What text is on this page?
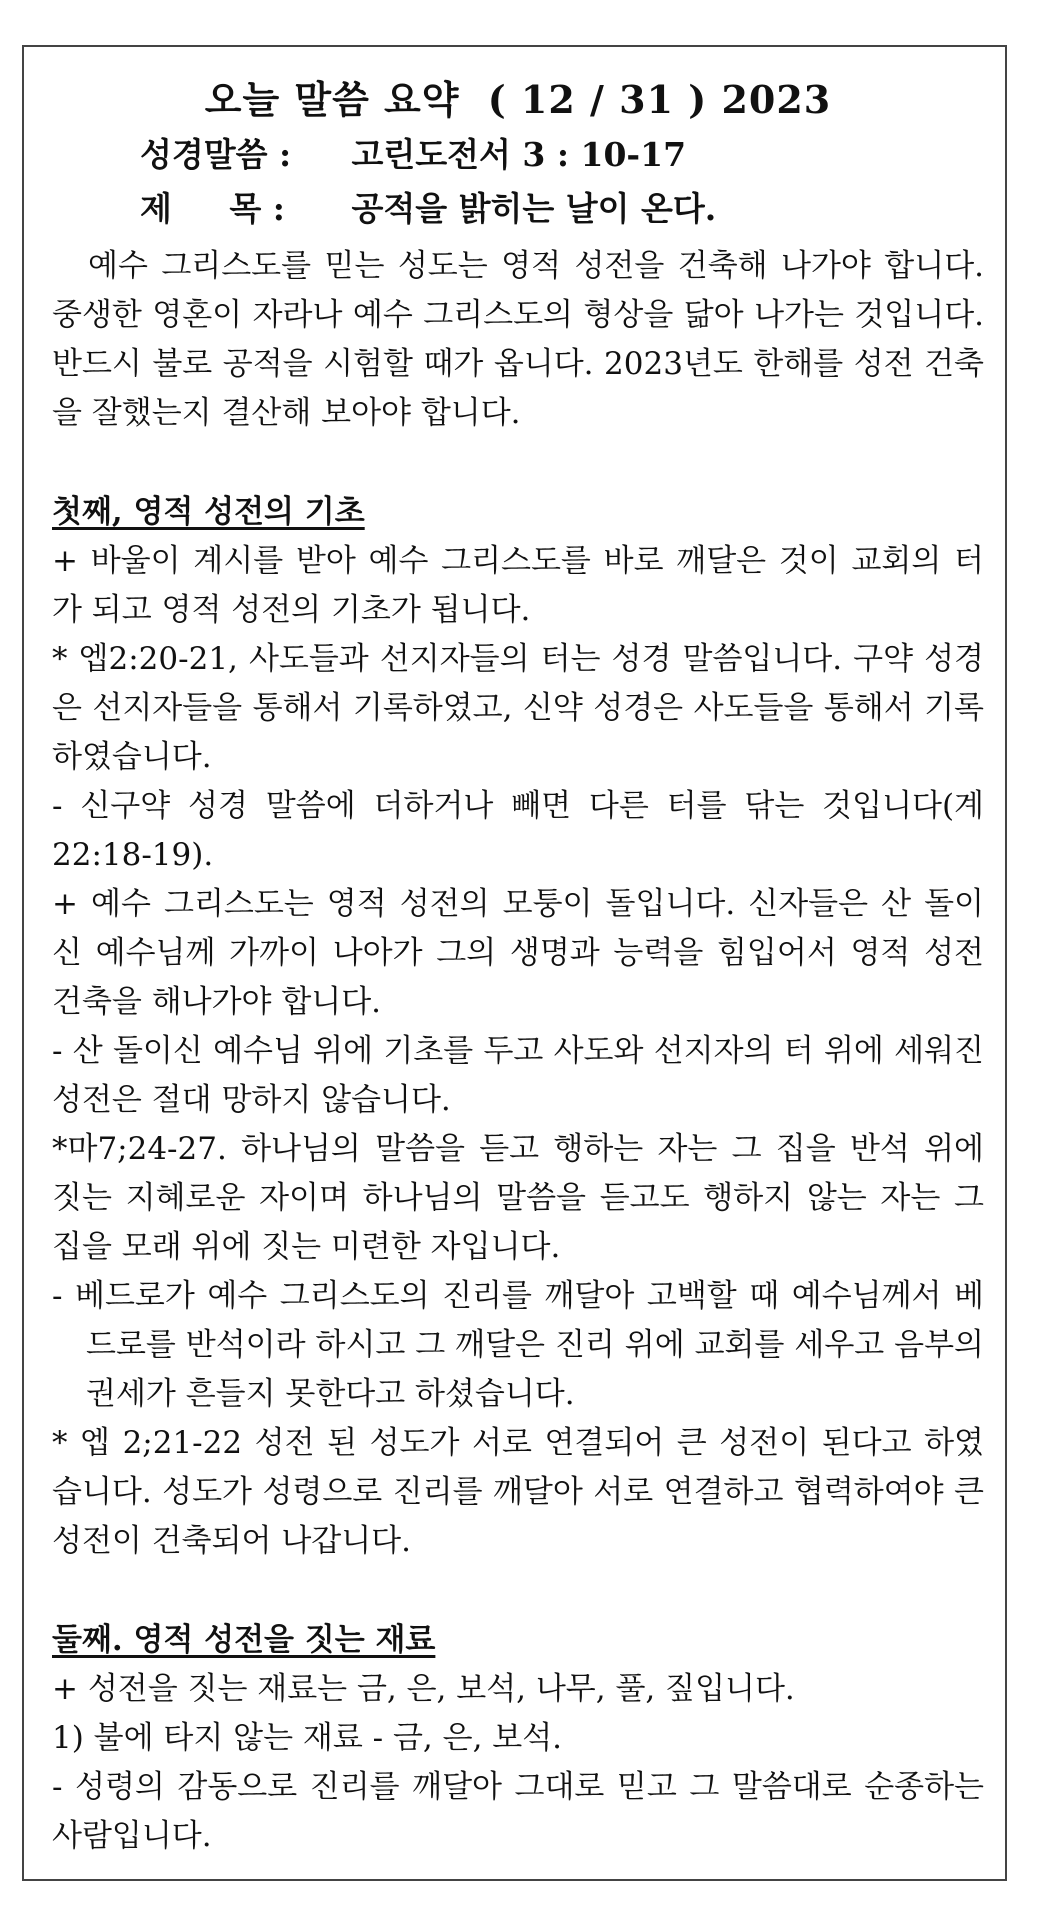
오늘 말씀 요약 ( 12 / 31 ) 2023
성경말씀 : 고린도전서 3 : 10-17
제     목 : 공적을 밝히는 날이 온다.

예수 그리스도를 믿는 성도는 영적 성전을 건축해 나가야 합니다. 중생한 영혼이 자라나 예수 그리스도의 형상을 닮아 나가는 것입니다. 반드시 불로 공적을 시험할 때가 옵니다. 2023년도 한해를 성전 건축을 잘했는지 결산해 보아야 합니다.

첫째, 영적 성전의 기초
+ 바울이 계시를 받아 예수 그리스도를 바로 깨달은 것이 교회의 터가 되고 영적 성전의 기초가 됩니다.
* 엡2:20-21, 사도들과 선지자들의 터는 성경 말씀입니다. 구약 성경은 선지자들을 통해서 기록하였고, 신약 성경은 사도들을 통해서 기록하였습니다.
- 신구약 성경 말씀에 더하거나 빼면 다른 터를 닦는 것입니다(계 22:18-19).
+ 예수 그리스도는 영적 성전의 모퉁이 돌입니다. 신자들은 산 돌이신 예수님께 가까이 나아가 그의 생명과 능력을 힘입어서 영적 성전 건축을 해나가야 합니다.
- 산 돌이신 예수님 위에 기초를 두고 사도와 선지자의 터 위에 세워진 성전은 절대 망하지 않습니다.
*마7;24-27. 하나님의 말씀을 듣고 행하는 자는 그 집을 반석 위에 짓는 지혜로운 자이며 하나님의 말씀을 듣고도 행하지 않는 자는 그 집을 모래 위에 짓는 미련한 자입니다.
- 베드로가 예수 그리스도의 진리를 깨달아 고백할 때 예수님께서 베드로를 반석이라 하시고 그 깨달은 진리 위에 교회를 세우고 음부의 권세가 흔들지 못한다고 하셨습니다.
* 엡 2;21-22 성전 된 성도가 서로 연결되어 큰 성전이 된다고 하였습니다. 성도가 성령으로 진리를 깨달아 서로 연결하고 협력하여야 큰 성전이 건축되어 나갑니다.
둘째. 영적 성전을 짓는 재료
+ 성전을 짓는 재료는 금, 은, 보석, 나무, 풀, 짚입니다.
1) 불에 타지 않는 재료 - 금, 은, 보석.
- 성령의 감동으로 진리를 깨달아 그대로 믿고 그 말씀대로 순종하는 사람입니다.
